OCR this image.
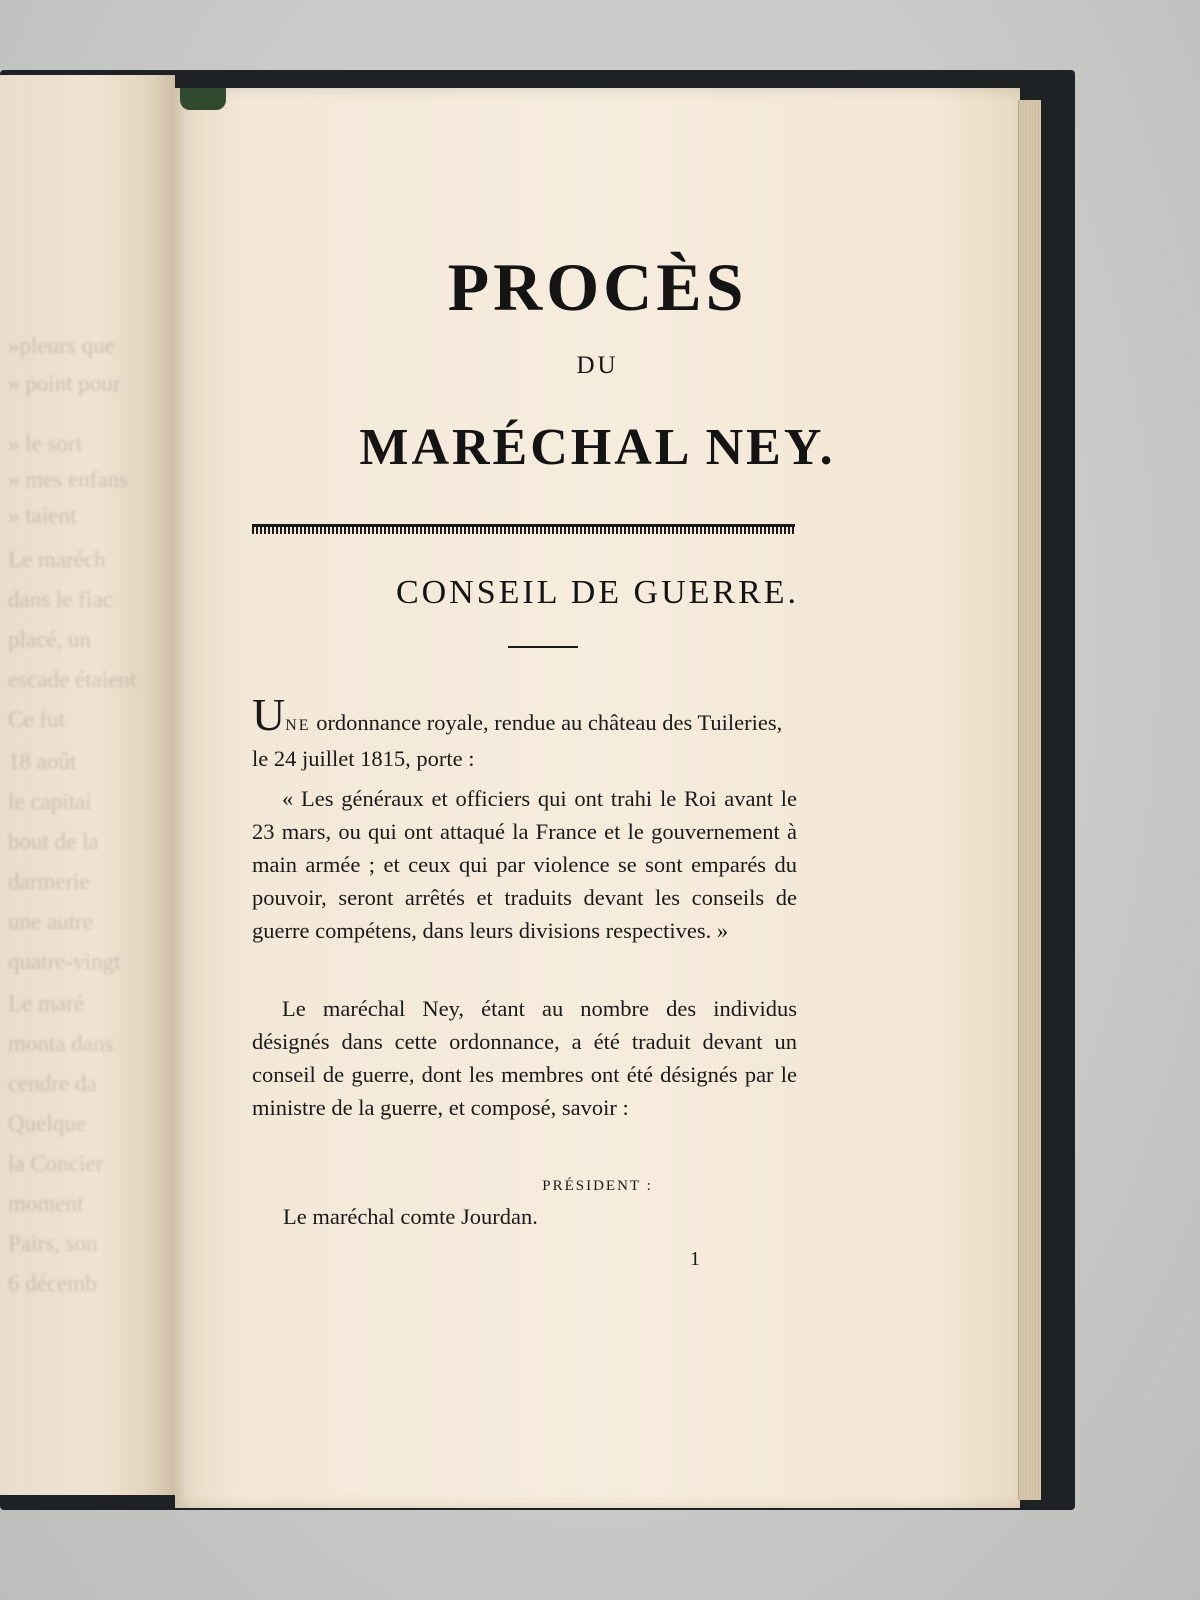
»pleurs que
» point pour
» le sort
» mes enfans
» taient
Le maréch
dans le fiac
placé, un
escade étaient
Ce fut
18 août
le capitai
bout de la
darmerie
une autre
quatre-vingt
Le maré
monta dans
cendre da
Quelque
la Concier
moment
Pairs, son
6 décemb
PROCÈS
DU
MARÉCHAL NEY.
CONSEIL DE GUERRE.
UNE ordonnance royale, rendue au château des Tuileries, le 24 juillet 1815, porte :
« Les généraux et officiers qui ont trahi le Roi avant le 23 mars, ou qui ont attaqué la France et le gouvernement à main armée ; et ceux qui par violence se sont emparés du pouvoir, seront arrêtés et traduits devant les conseils de guerre compétens, dans leurs divisions respectives. »
Le maréchal Ney, étant au nombre des individus désignés dans cette ordonnance, a été traduit devant un conseil de guerre, dont les membres ont été désignés par le ministre de la guerre, et composé, savoir :
PRÉSIDENT :
Le maréchal comte Jourdan.
1
